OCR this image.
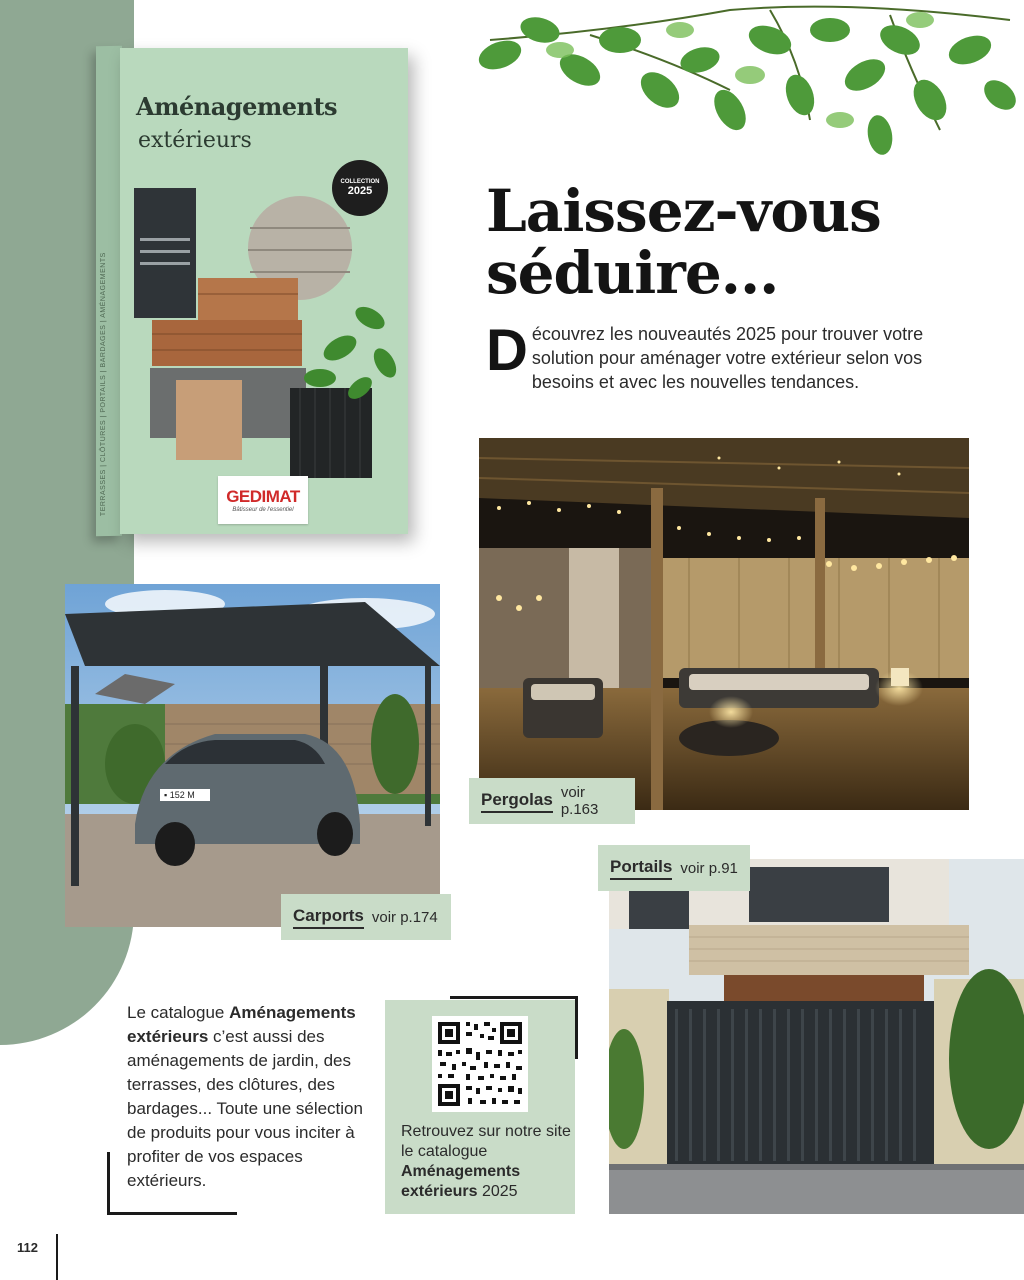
TERRASSES | CLÔTURES | PORTAILS | BARDAGES | AMÉNAGEMENTS
Aménagements
extérieurs
COLLECTION
2025
GEDIMAT
Bâtisseur de l'essentiel
Laissez-vous
séduire...
D écouvrez les nouveautés 2025 pour trouver votre solution pour aménager votre extérieur selon vos besoins et avec les nouvelles tendances.
Pergolas voir p.163
▪ 152 M
Carports voir p.174
Portails voir p.91

Le catalogue Aménagements extérieurs c’est aussi des aménagements de jardin, des terrasses, des clôtures, des bardages... Toute une sélection de produits pour vous inciter à profiter de vos espaces extérieurs.

Retrouvez sur notre site le catalogue Aménagements extérieurs 2025

112
